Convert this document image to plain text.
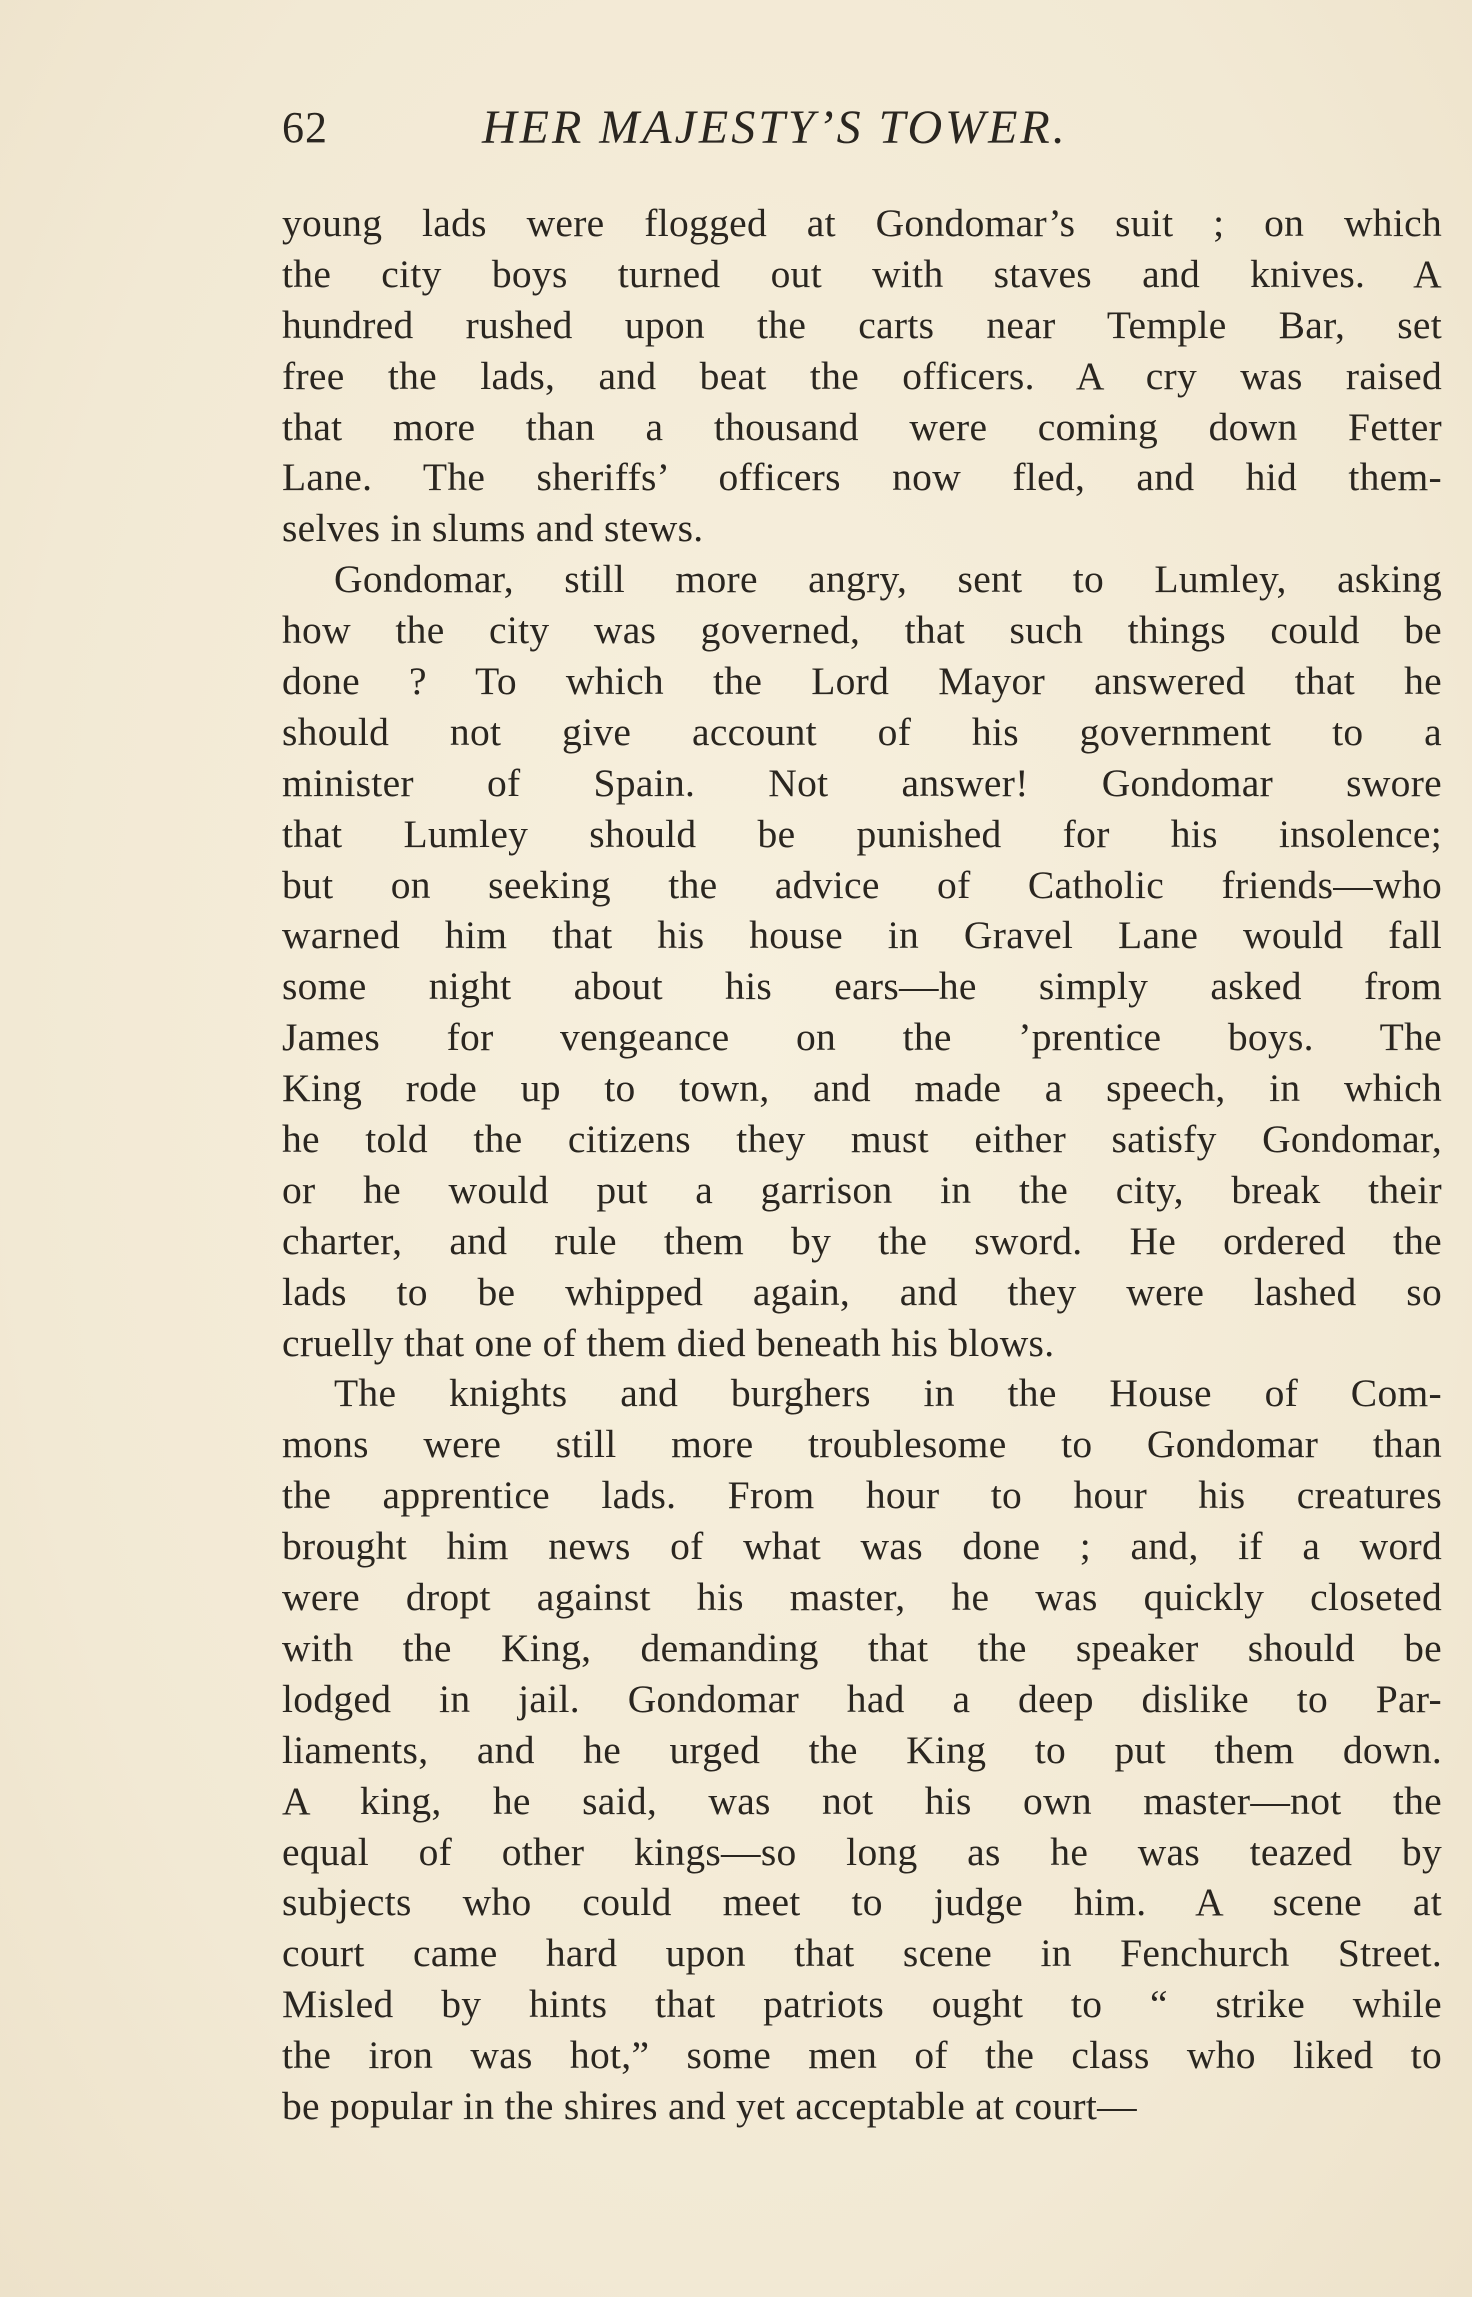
62	HER MAJESTY’S TOWER.
young lads were flogged at Gondomar’s suit ; on which
the city boys turned out with staves and knives. A
hundred rushed upon the carts near Temple Bar, set
free the lads, and beat the officers. A cry was raised
that more than a thousand were coming down Fetter
Lane. The sheriffs’ officers now fled, and hid them-
selves in slums and stews.
Gondomar, still more angry, sent to Lumley, asking
how the city was governed, that such things could be
done ? To which the Lord Mayor answered that he
should not give account of his government to a
minister of Spain. Not answer! Gondomar swore
that Lumley should be punished for his insolence;
but on seeking the advice of Catholic friends—who
warned him that his house in Gravel Lane would fall
some night about his ears—he simply asked from
James for vengeance on the ’prentice boys. The
King rode up to town, and made a speech, in which
he told the citizens they must either satisfy Gondomar,
or he would put a garrison in the city, break their
charter, and rule them by the sword. He ordered the
lads to be whipped again, and they were lashed so
cruelly that one of them died beneath his blows.
The knights and burghers in the House of Com-
mons were still more troublesome to Gondomar than
the apprentice lads. From hour to hour his creatures
brought him news of what was done ; and, if a word
were dropt against his master, he was quickly closeted
with the King, demanding that the speaker should be
lodged in jail. Gondomar had a deep dislike to Par-
liaments, and he urged the King to put them down.
A king, he said, was not his own master—not the
equal of other kings—so long as he was teazed by
subjects who could meet to judge him. A scene at
court came hard upon that scene in Fenchurch Street.
Misled by hints that patriots ought to “ strike while
the iron was hot,” some men of the class who liked to
be popular in the shires and yet acceptable at court—
